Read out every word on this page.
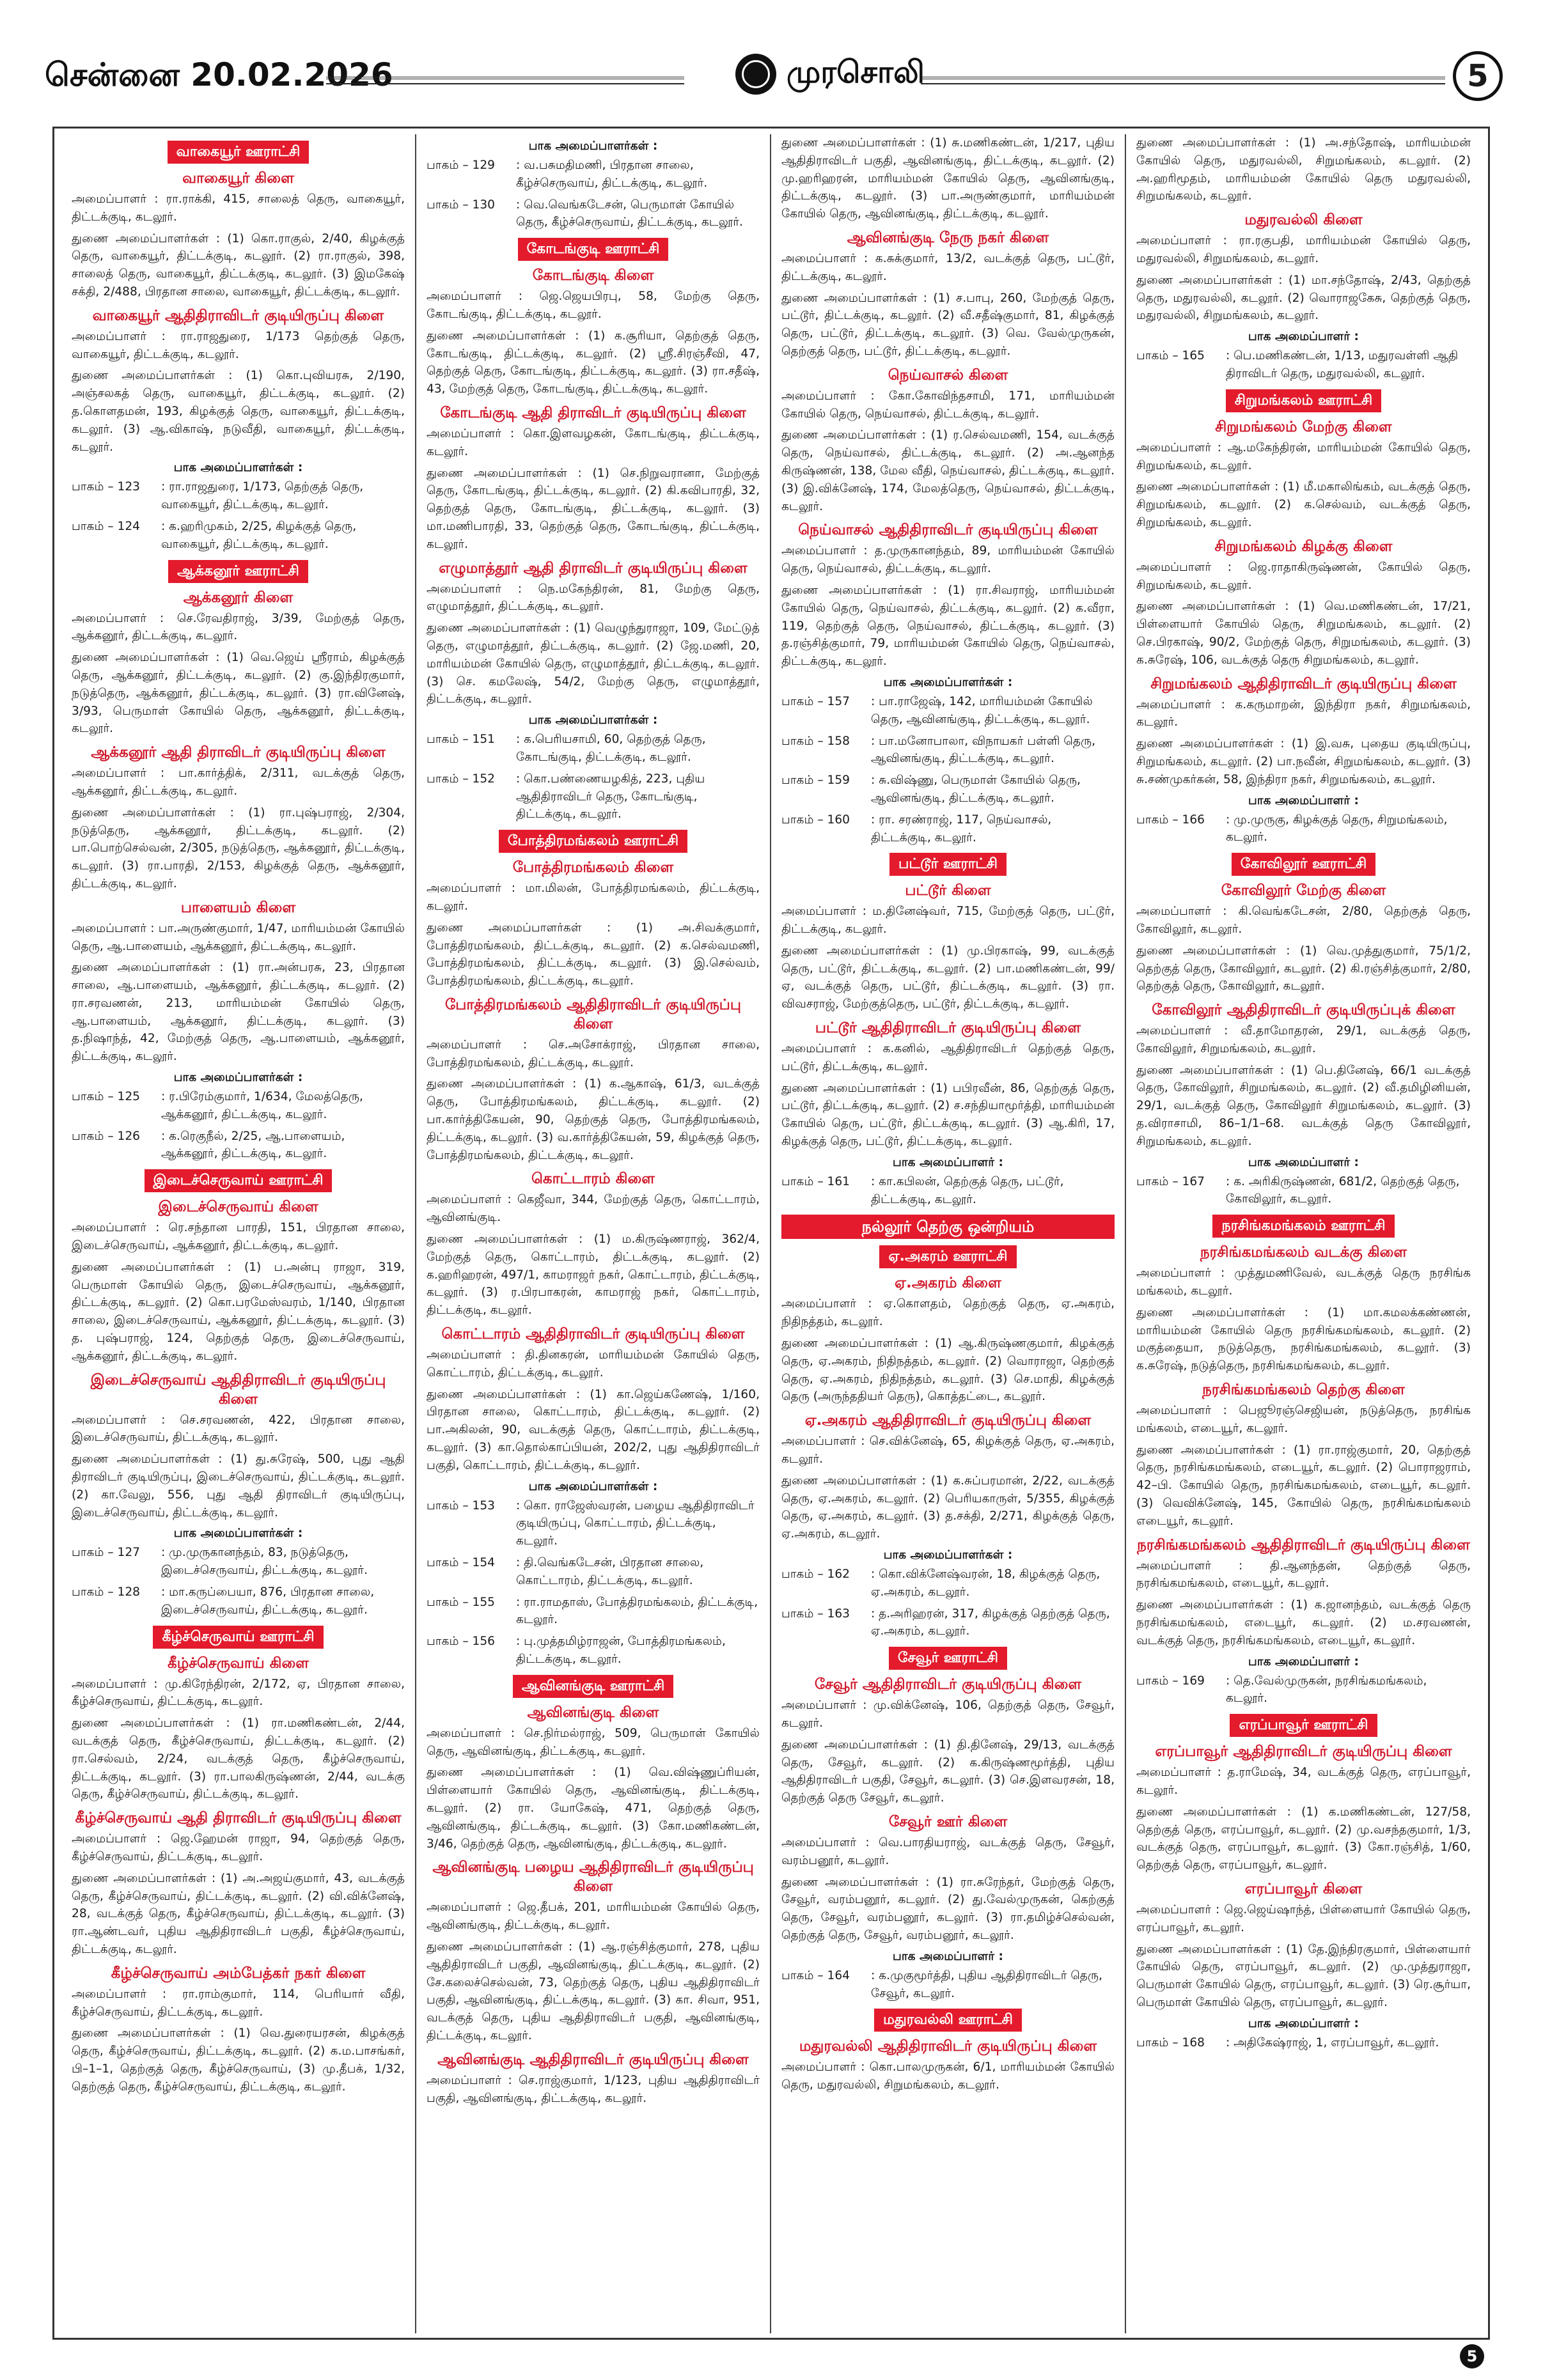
சென்னை 20.02.2026	முரசொலி	5
வாகையூர் ஊராட்சி
வாகையூர் கிளை

அமைப்பாளர் : ரா.ராக்கி, 415, சாலைத் தெரு, வாகையூர், திட்டக்குடி, கடலூர்.

துணை அமைப்பாளர்கள் : (1) கொ.ராகுல், 2/40, கிழக்குத் தெரு, வாகையூர், திட்டக்குடி, கடலூர். (2) ரா.ராகுல், 398, சாலைத் தெரு, வாகையூர், திட்டக்குடி, கடலூர். (3) இமகேஷ் சக்தி, 2/488, பிரதான சாலை, வாகையூர், திட்டக்குடி, கடலூர்.

வாகையூர் ஆதிதிராவிடர் குடியிருப்பு கிளை

அமைப்பாளர் : ரா.ராஜதுரை, 1/173 தெற்குத் தெரு, வாகையூர், திட்டக்குடி, கடலூர்.

துணை அமைப்பாளர்கள் : (1) கொ.புவியரசு, 2/190, அஞ்சலகத் தெரு, வாகையூர், திட்டக்குடி, கடலூர். (2) த.கொளதமன், 193, கிழக்குத் தெரு, வாகையூர், திட்டக்குடி, கடலூர். (3) ஆ.விகாஷ், நடுவீதி, வாகையூர், திட்டக்குடி, கடலூர்.

பாக அமைப்பாளர்கள் :
பாகம் – 123	: ரா.ராஜதுரை, 1/173, தெற்குத் தெரு, வாகையூர், திட்டக்குடி, கடலூர்.
பாகம் – 124	: க.ஹரிமுகம், 2/25, கிழக்குத் தெரு, வாகையூர், திட்டக்குடி, கடலூர்.
ஆக்கனூர் ஊராட்சி
ஆக்கனூர் கிளை

அமைப்பாளர் : செ.ரேவதிராஜ், 3/39, மேற்குத் தெரு, ஆக்கனூர், திட்டக்குடி, கடலூர்.

துணை அமைப்பாளர்கள் : (1) வெ.ஜெய் ஸ்ரீராம், கிழக்குத் தெரு, ஆக்கனூர், திட்டக்குடி, கடலூர். (2) கு.இந்திரகுமார், நடுத்தெரு, ஆக்கனூர், திட்டக்குடி, கடலூர். (3) ரா.வினேஷ், 3/93, பெருமாள் கோயில் தெரு, ஆக்கனூர், திட்டக்குடி, கடலூர்.

ஆக்கனூர் ஆதி திராவிடர் குடியிருப்பு கிளை

அமைப்பாளர் : பா.கார்த்திக், 2/311, வடக்குத் தெரு, ஆக்கனூர், திட்டக்குடி, கடலூர்.

துணை அமைப்பாளர்கள் : (1) ரா.புஷ்பராஜ், 2/304, நடுத்தெரு, ஆக்கனூர், திட்டக்குடி, கடலூர். (2) பா.பொற்செல்வன், 2/305, நடுத்தெரு, ஆக்கனூர், திட்டக்குடி, கடலூர். (3) ரா.பாரதி, 2/153, கிழக்குத் தெரு, ஆக்கனூர், திட்டக்குடி, கடலூர்.

பாளையம் கிளை

அமைப்பாளர் : பா.அருண்குமார், 1/47, மாரியம்மன் கோயில் தெரு, ஆ.பாளையம், ஆக்கனூர், திட்டக்குடி, கடலூர்.

துணை அமைப்பாளர்கள் : (1) ரா.அன்பரசு, 23, பிரதான சாலை, ஆ.பாளையம், ஆக்கனூர், திட்டக்குடி, கடலூர். (2) ரா.சரவணன், 213, மாரியம்மன் கோயில் தெரு, ஆ.பாளையம், ஆக்கனூர், திட்டக்குடி, கடலூர். (3) த.நிஷாந்த், 42, மேற்குத் தெரு, ஆ.பாளையம், ஆக்கனூர், திட்டக்குடி, கடலூர்.

பாக அமைப்பாளர்கள் :
பாகம் – 125	: ர.பிரேம்குமார், 1/634, மேலத்தெரு, ஆக்கனூர், திட்டக்குடி, கடலூர்.
பாகம் – 126	: க.ரெகுநீல், 2/25, ஆ.பாளையம், ஆக்கனூர், திட்டக்குடி, கடலூர்.
இடைச்செருவாய் ஊராட்சி
இடைச்செருவாய் கிளை

அமைப்பாளர் : ரெ.சந்தான பாரதி, 151, பிரதான சாலை, இடைச்செருவாய், ஆக்கனூர், திட்டக்குடி, கடலூர்.

துணை அமைப்பாளர்கள் : (1) ப.அன்பு ராஜா, 319, பெருமாள் கோயில் தெரு, இடைச்செருவாய், ஆக்கனூர், திட்டக்குடி, கடலூர். (2) கொ.பரமேஸ்வரம், 1/140, பிரதான சாலை, இடைச்செருவாய், ஆக்கனூர், திட்டக்குடி, கடலூர். (3) த. புஷ்பராஜ், 124, தெற்குத் தெரு, இடைச்செருவாய், ஆக்கனூர், திட்டக்குடி, கடலூர்.

இடைச்செருவாய் ஆதிதிராவிடர் குடியிருப்பு கிளை

அமைப்பாளர் : செ.சரவணன், 422, பிரதான சாலை, இடைச்செருவாய், திட்டக்குடி, கடலூர்.

துணை அமைப்பாளர்கள் : (1) து.சுரேஷ், 500, புது ஆதி திராவிடர் குடியிருப்பு, இடைச்செருவாய், திட்டக்குடி, கடலூர். (2) கா.வேலு, 556, புது ஆதி திராவிடர் குடியிருப்பு, இடைச்செருவாய், திட்டக்குடி, கடலூர்.

பாக அமைப்பாளர்கள் :
பாகம் – 127	: மு.முருகானந்தம், 83, நடுத்தெரு, இடைச்செருவாய், திட்டக்குடி, கடலூர்.
பாகம் – 128	: மா.கருப்பையா, 876, பிரதான சாலை, இடைச்செருவாய், திட்டக்குடி, கடலூர்.
கீழ்ச்செருவாய் ஊராட்சி
கீழ்ச்செருவாய் கிளை

அமைப்பாளர் : மு.கிரேந்திரன், 2/172, ஏ, பிரதான சாலை, கீழ்ச்செருவாய், திட்டக்குடி, கடலூர்.

துணை அமைப்பாளர்கள் : (1) ரா.மணிகண்டன், 2/44, வடக்குத் தெரு, கீழ்ச்செருவாய், திட்டக்குடி, கடலூர். (2) ரா.செல்வம், 2/24, வடக்குத் தெரு, கீழ்ச்செருவாய், திட்டக்குடி, கடலூர். (3) ரா.பாலகிருஷ்ணன், 2/44, வடக்கு தெரு, கீழ்ச்செருவாய், திட்டக்குடி, கடலூர்.

கீழ்ச்செருவாய் ஆதி திராவிடர் குடியிருப்பு கிளை

அமைப்பாளர் : ஜெ.ஹேமன் ராஜா, 94, தெற்குத் தெரு, கீழ்ச்செருவாய், திட்டக்குடி, கடலூர்.

துணை அமைப்பாளர்கள் : (1) அ.அஜய்குமார், 43, வடக்குத் தெரு, கீழ்ச்செருவாய், திட்டக்குடி, கடலூர். (2) வி.விக்னேஷ், 28, வடக்குத் தெரு, கீழ்ச்செருவாய், திட்டக்குடி, கடலூர். (3) ரா.ஆண்டவர், புதிய ஆதிதிராவிடர் பகுதி, கீழ்ச்செருவாய், திட்டக்குடி, கடலூர்.

கீழ்ச்செருவாய் அம்பேத்கர் நகர் கிளை

அமைப்பாளர் : ரா.ராம்குமார், 114, பெரியார் வீதி, கீழ்ச்செருவாய், திட்டக்குடி, கடலூர்.

துணை அமைப்பாளர்கள் : (1) வெ.துரையரசன், கிழக்குத் தெரு, கீழ்ச்செருவாய், திட்டக்குடி, கடலூர். (2) க.ம.பாசங்கர், பி–1–1, தெற்குத் தெரு, கீழ்ச்செருவாய், (3) மு.தீபக், 1/32, தெற்குத் தெரு, கீழ்ச்செருவாய், திட்டக்குடி, கடலூர்.

பாக அமைப்பாளர்கள் :
பாகம் – 129	: வ.பசுமதிமணி, பிரதான சாலை, கீழ்ச்செருவாய், திட்டக்குடி, கடலூர்.
பாகம் – 130	: வெ.வெங்கடேசன், பெருமாள் கோயில் தெரு, கீழ்ச்செருவாய், திட்டக்குடி, கடலூர்.
கோடங்குடி ஊராட்சி
கோடங்குடி கிளை

அமைப்பாளர் : ஜெ.ஜெயபிரபு, 58, மேற்கு தெரு, கோடங்குடி, திட்டக்குடி, கடலூர்.

துணை அமைப்பாளர்கள் : (1) க.சூரியா, தெற்குத் தெரு, கோடங்குடி, திட்டக்குடி, கடலூர். (2) ஸ்ரீ.சிரஞ்சீவி, 47, தெற்குத் தெரு, கோடங்குடி, திட்டக்குடி, கடலூர். (3) ரா.சதீஷ், 43, மேற்குத் தெரு, கோடங்குடி, திட்டக்குடி, கடலூர்.

கோடங்குடி ஆதி திராவிடர் குடியிருப்பு கிளை

அமைப்பாளர் : கொ.இளவழகன், கோடங்குடி, திட்டக்குடி, கடலூர்.

துணை அமைப்பாளர்கள் : (1) செ.நிறுவரானா, மேற்குத் தெரு, கோடங்குடி, திட்டக்குடி, கடலூர். (2) கி.கவிபாரதி, 32, தெற்குத் தெரு, கோடங்குடி, திட்டக்குடி, கடலூர். (3) மா.மணிபாரதி, 33, தெற்குத் தெரு, கோடங்குடி, திட்டக்குடி, கடலூர்.

எழுமாத்தூர் ஆதி திராவிடர் குடியிருப்பு கிளை

அமைப்பாளர் : நெ.மகேந்திரன், 81, மேற்கு தெரு, எழுமாத்தூர், திட்டக்குடி, கடலூர்.

துணை அமைப்பாளர்கள் : (1) வெழுந்துராஜா, 109, மேட்டுத் தெரு, எழுமாத்தூர், திட்டக்குடி, கடலூர். (2) ஜே.மணி, 20, மாரியம்மன் கோயில் தெரு, எழுமாத்தூர், திட்டக்குடி, கடலூர். (3) செ. கமலேஷ், 54/2, மேற்கு தெரு, எழுமாத்தூர், திட்டக்குடி, கடலூர்.

பாக அமைப்பாளர்கள் :
பாகம் – 151	: க.பெரியசாமி, 60, தெற்குத் தெரு, கோடங்குடி, திட்டக்குடி, கடலூர்.
பாகம் – 152	: கொ.பண்ணையழகித், 223, புதிய ஆதிதிராவிடர் தெரு, கோடங்குடி, திட்டக்குடி, கடலூர்.
போத்திரமங்கலம் ஊராட்சி
போத்திரமங்கலம் கிளை

அமைப்பாளர் : மா.மிலன், போத்திரமங்கலம், திட்டக்குடி, கடலூர்.

துணை அமைப்பாளர்கள் : (1) அ.சிவக்குமார், போத்திரமங்கலம், திட்டக்குடி, கடலூர். (2) க.செல்வமணி, போத்திரமங்கலம், திட்டக்குடி, கடலூர். (3) இ.செல்வம், போத்திரமங்கலம், திட்டக்குடி, கடலூர்.

போத்திரமங்கலம் ஆதிதிராவிடர் குடியிருப்பு கிளை

அமைப்பாளர் : செ.அசோக்ராஜ், பிரதான சாலை, போத்திரமங்கலம், திட்டக்குடி, கடலூர்.

துணை அமைப்பாளர்கள் : (1) க.ஆகாஷ், 61/3, வடக்குத் தெரு, போத்திரமங்கலம், திட்டக்குடி, கடலூர். (2) பா.கார்த்திகேயன், 90, தெற்குத் தெரு, போத்திரமங்கலம், திட்டக்குடி, கடலூர். (3) வ.கார்த்திகேயன், 59, கிழக்குத் தெரு, போத்திரமங்கலம், திட்டக்குடி, கடலூர்.

கொட்டாரம் கிளை

அமைப்பாளர் : கெஜீவா, 344, மேற்குத் தெரு, கொட்டாரம், ஆவினங்குடி.

துணை அமைப்பாளர்கள் : (1) ம.கிருஷ்ணராஜ், 362/4, மேற்குத் தெரு, கொட்டாரம், திட்டக்குடி, கடலூர். (2) க.ஹரிஹரன், 497/1, காமராஜர் நகர், கொட்டாரம், திட்டக்குடி, கடலூர். (3) ர.பிரபாகரன், காமராஜ் நகர், கொட்டாரம், திட்டக்குடி, கடலூர்.

கொட்டாரம் ஆதிதிராவிடர் குடியிருப்பு கிளை

அமைப்பாளர் : தி.தினகரன், மாரியம்மன் கோயில் தெரு, கொட்டாரம், திட்டக்குடி, கடலூர்.

துணை அமைப்பாளர்கள் : (1) கா.ஜெய்கணேஷ், 1/160, பிரதான சாலை, கொட்டாரம், திட்டக்குடி, கடலூர். (2) பா.அகிலன், 90, வடக்குத் தெரு, கொட்டாரம், திட்டக்குடி, கடலூர். (3) கா.தொல்காப்பியன், 202/2, புது ஆதிதிராவிடர் பகுதி, கொட்டாரம், திட்டக்குடி, கடலூர்.

பாக அமைப்பாளர்கள் :
பாகம் – 153	: கொ. ராஜேஸ்வரன், பழைய ஆதிதிராவிடர் குடியிருப்பு, கொட்டாரம், திட்டக்குடி, கடலூர்.
பாகம் – 154	: தி.வெங்கடேசன், பிரதான சாலை, கொட்டாரம், திட்டக்குடி, கடலூர்.
பாகம் – 155	: ரா.ராமதாஸ், போத்திரமங்கலம், திட்டக்குடி, கடலூர்.
பாகம் – 156	: பு.முத்தமிழ்ராஜன், போத்திரமங்கலம், திட்டக்குடி, கடலூர்.
ஆவினங்குடி ஊராட்சி
ஆவினங்குடி கிளை

அமைப்பாளர் : செ.நிர்மல்ராஜ், 509, பெருமாள் கோயில் தெரு, ஆவினங்குடி, திட்டக்குடி, கடலூர்.

துணை அமைப்பாளர்கள் : (1) வெ.விஷ்ணுப்ரியன், பிள்ளையார் கோயில் தெரு, ஆவினங்குடி, திட்டக்குடி, கடலூர். (2) ரா. யோகேஷ், 471, தெற்குத் தெரு, ஆவினங்குடி, திட்டக்குடி, கடலூர். (3) கோ.மணிகண்டன், 3/46, தெற்குத் தெரு, ஆவினங்குடி, திட்டக்குடி, கடலூர்.

ஆவினங்குடி பழைய ஆதிதிராவிடர் குடியிருப்பு கிளை

அமைப்பாளர் : ஜெ.தீபக், 201, மாரியம்மன் கோயில் தெரு, ஆவினங்குடி, திட்டக்குடி, கடலூர்.

துணை அமைப்பாளர்கள் : (1) ஆ.ரஞ்சித்குமார், 278, புதிய ஆதிதிராவிடர் பகுதி, ஆவினங்குடி, திட்டக்குடி, கடலூர். (2) சே.கலைச்செல்வன், 73, தெற்குத் தெரு, புதிய ஆதிதிராவிடர் பகுதி, ஆவினங்குடி, திட்டக்குடி, கடலூர். (3) கா. சிவா, 951, வடக்குத் தெரு, புதிய ஆதிதிராவிடர் பகுதி, ஆவினங்குடி, திட்டக்குடி, கடலூர்.

ஆவினங்குடி ஆதிதிராவிடர் குடியிருப்பு கிளை

அமைப்பாளர் : செ.ராஜ்குமார், 1/123, புதிய ஆதிதிராவிடர் பகுதி, ஆவினங்குடி, திட்டக்குடி, கடலூர்.

துணை அமைப்பாளர்கள் : (1) சு.மணிகண்டன், 1/217, புதிய ஆதிதிராவிடர் பகுதி, ஆவினங்குடி, திட்டக்குடி, கடலூர். (2) மு.ஹரிஹரன், மாரியம்மன் கோயில் தெரு, ஆவினங்குடி, திட்டக்குடி, கடலூர். (3) பா.அருண்குமார், மாரியம்மன் கோயில் தெரு, ஆவினங்குடி, திட்டக்குடி, கடலூர்.

ஆவினங்குடி நேரு நகர் கிளை

அமைப்பாளர் : க.சுக்குமார், 13/2, வடக்குத் தெரு, பட்டூர், திட்டக்குடி, கடலூர்.

துணை அமைப்பாளர்கள் : (1) ச.பாபு, 260, மேற்குத் தெரு, பட்டூர், திட்டக்குடி, கடலூர். (2) வீ.சதீஷ்குமார், 81, கிழக்குத் தெரு, பட்டூர், திட்டக்குடி, கடலூர். (3) வெ. வேல்முருகன், தெற்குத் தெரு, பட்டூர், திட்டக்குடி, கடலூர்.

நெய்வாசல் கிளை

அமைப்பாளர் : கோ.கோவிந்தசாமி, 171, மாரியம்மன் கோயில் தெரு, நெய்வாசல், திட்டக்குடி, கடலூர்.

துணை அமைப்பாளர்கள் : (1) ர.செல்வமணி, 154, வடக்குத் தெரு, நெய்வாசல், திட்டக்குடி, கடலூர். (2) அ.ஆனந்த கிருஷ்ணன், 138, மேல வீதி, நெய்வாசல், திட்டக்குடி, கடலூர். (3) இ.விக்னேஷ், 174, மேலத்தெரு, நெய்வாசல், திட்டக்குடி, கடலூர்.

நெய்வாசல் ஆதிதிராவிடர் குடியிருப்பு கிளை

அமைப்பாளர் : த.முருகானந்தம், 89, மாரியம்மன் கோயில் தெரு, நெய்வாசல், திட்டக்குடி, கடலூர்.

துணை அமைப்பாளர்கள் : (1) ரா.சிவராஜ், மாரியம்மன் கோயில் தெரு, நெய்வாசல், திட்டக்குடி, கடலூர். (2) க.வீரா, 119, தெற்குத் தெரு, நெய்வாசல், திட்டக்குடி, கடலூர். (3) த.ரஞ்சித்குமார், 79, மாரியம்மன் கோயில் தெரு, நெய்வாசல், திட்டக்குடி, கடலூர்.

பாக அமைப்பாளர்கள் :
பாகம் – 157	: பா.ராஜேஷ், 142, மாரியம்மன் கோயில் தெரு, ஆவினங்குடி, திட்டக்குடி, கடலூர்.
பாகம் – 158	: பா.மனோபாலா, விநாயகர் பள்ளி தெரு, ஆவினங்குடி, திட்டக்குடி, கடலூர்.
பாகம் – 159	: சு.விஷ்ணு, பெருமாள் கோயில் தெரு, ஆவினங்குடி, திட்டக்குடி, கடலூர்.
பாகம் – 160	: ரா. சரண்ராஜ், 117, நெய்வாசல், திட்டக்குடி, கடலூர்.
பட்டூர் ஊராட்சி
பட்டூர் கிளை

அமைப்பாளர் : ம.தினேஷ்வர், 715, மேற்குத் தெரு, பட்டூர், திட்டக்குடி, கடலூர்.

துணை அமைப்பாளர்கள் : (1) மு.பிரகாஷ், 99, வடக்குத் தெரு, பட்டூர், திட்டக்குடி, கடலூர். (2) பா.மணிகண்டன், 99/ஏ, வடக்குத் தெரு, பட்டூர், திட்டக்குடி, கடலூர். (3) ரா. விவசராஜ், மேற்குத்தெரு, பட்டூர், திட்டக்குடி, கடலூர்.

பட்டூர் ஆதிதிராவிடர் குடியிருப்பு கிளை

அமைப்பாளர் : க.கனில், ஆதிதிராவிடர் தெற்குத் தெரு, பட்டூர், திட்டக்குடி, கடலூர்.

துணை அமைப்பாளர்கள் : (1) பபிரவீன், 86, தெற்குத் தெரு, பட்டூர், திட்டக்குடி, கடலூர். (2) ச.சந்தியாமூர்த்தி, மாரியம்மன் கோயில் தெரு, பட்டூர், திட்டக்குடி, கடலூர். (3) ஆ.கிரி, 17, கிழக்குத் தெரு, பட்டூர், திட்டக்குடி, கடலூர்.

பாக அமைப்பாளர் :
பாகம் – 161	: கா.கபிலன், தெற்குத் தெரு, பட்டூர், திட்டக்குடி, கடலூர்.
நல்லூர் தெற்கு ஒன்றியம்
ஏ.அகரம் ஊராட்சி
ஏ.அகரம் கிளை

அமைப்பாளர் : ஏ.கொளதம், தெற்குத் தெரு, ஏ.அகரம், நிதிநத்தம், கடலூர்.

துணை அமைப்பாளர்கள் : (1) ஆ.கிருஷ்ணகுமார், கிழக்குத் தெரு, ஏ.அகரம், நிதிநத்தம், கடலூர். (2) வொராஜா, தெற்குத் தெரு, ஏ.அகரம், நிதிநத்தம், கடலூர். (3) செ.மாதி, கிழக்குத் தெரு (அருந்ததியர் தெரு), கொத்தட்டை, கடலூர்.

ஏ.அகரம் ஆதிதிராவிடர் குடியிருப்பு கிளை

அமைப்பாளர் : செ.விக்னேஷ், 65, கிழக்குத் தெரு, ஏ.அகரம், கடலூர்.

துணை அமைப்பாளர்கள் : (1) க.சுப்பரமான், 2/22, வடக்குத் தெரு, ஏ.அகரம், கடலூர். (2) பெரியகாருள், 5/355, கிழக்குத் தெரு, ஏ.அகரம், கடலூர். (3) த.சக்தி, 2/271, கிழக்குத் தெரு, ஏ.அகரம், கடலூர்.

பாக அமைப்பாளர்கள் :
பாகம் – 162	: கொ.விக்னேஷ்வரன், 18, கிழக்குத் தெரு, ஏ.அகரம், கடலூர்.
பாகம் – 163	: த.அரிஹரன், 317, கிழக்குத் தெற்குத் தெரு, ஏ.அகரம், கடலூர்.
சேவூர் ஊராட்சி
சேவூர் ஆதிதிராவிடர் குடியிருப்பு கிளை

அமைப்பாளர் : மு.விக்னேஷ், 106, தெற்குத் தெரு, சேவூர், கடலூர்.

துணை அமைப்பாளர்கள் : (1) தி.தினேஷ், 29/13, வடக்குத் தெரு, சேவூர், கடலூர். (2) க.கிருஷ்ணமூர்த்தி, புதிய ஆதிதிராவிடர் பகுதி, சேவூர், கடலூர். (3) செ.இளவரசன், 18, தெற்குத் தெரு சேவூர், கடலூர்.

சேவூர் ஊர் கிளை

அமைப்பாளர் : வெ.பாரதியராஜ், வடக்குத் தெரு, சேவூர், வரம்பனூர், கடலூர்.

துணை அமைப்பாளர்கள் : (1) ரா.சுரேந்தர், மேற்குத் தெரு, சேவூர், வரம்பனூர், கடலூர். (2) து.வேல்முருகன், கெற்குத் தெரு, சேவூர், வரம்பனூர், கடலூர். (3) ரா.தமிழ்ச்செல்வன், தெற்குத் தெரு, சேவூர், வரம்பனூர், கடலூர்.

பாக அமைப்பாளர் :
பாகம் – 164	: க.முகுமூர்த்தி, புதிய ஆதிதிராவிடர் தெரு, சேவூர், கடலூர்.
மதுரவல்லி ஊராட்சி
மதுரவல்லி ஆதிதிராவிடர் குடியிருப்பு கிளை

அமைப்பாளர் : கொ.பாலமுருகன், 6/1, மாரியம்மன் கோயில் தெரு, மதுரவல்லி, சிறுமங்கலம், கடலூர்.

துணை அமைப்பாளர்கள் : (1) அ.சந்தோஷ், மாரியம்மன் கோயில் தெரு, மதுரவல்லி, சிறுமங்கலம், கடலூர். (2) அ.ஹரிமூதம், மாரியம்மன் கோயில் தெரு மதுரவல்லி, சிறுமங்கலம், கடலூர்.

மதுரவல்லி கிளை

அமைப்பாளர் : ரா.ரகுபதி, மாரியம்மன் கோயில் தெரு, மதுரவல்லி, சிறுமங்கலம், கடலூர்.

துணை அமைப்பாளர்கள் : (1) மா.சந்தோஷ், 2/43, தெற்குத் தெரு, மதுரவல்லி, கடலூர். (2) வொராஜகேசு, தெற்குத் தெரு, மதுரவல்லி, சிறுமங்கலம், கடலூர்.

பாக அமைப்பாளர் :
பாகம் – 165	: பெ.மணிகண்டன், 1/13, மதுரவள்ளி ஆதி திராவிடர் தெரு, மதுரவல்லி, கடலூர்.
சிறுமங்கலம் ஊராட்சி
சிறுமங்கலம் மேற்கு கிளை

அமைப்பாளர் : ஆ.மகேந்திரன், மாரியம்மன் கோயில் தெரு, சிறுமங்கலம், கடலூர்.

துணை அமைப்பாளர்கள் : (1) மீ.மகாலிங்கம், வடக்குத் தெரு, சிறுமங்கலம், கடலூர். (2) க.செல்வம், வடக்குத் தெரு, சிறுமங்கலம், கடலூர்.

சிறுமங்கலம் கிழக்கு கிளை

அமைப்பாளர் : ஜெ.ராதாகிருஷ்ணன், கோயில் தெரு, சிறுமங்கலம், கடலூர்.

துணை அமைப்பாளர்கள் : (1) வெ.மணிகண்டன், 17/21, பிள்ளையார் கோயில் தெரு, சிறுமங்கலம், கடலூர். (2) செ.பிரகாஷ், 90/2, மேற்குத் தெரு, சிறுமங்கலம், கடலூர். (3) க.சுரேஷ், 106, வடக்குத் தெரு சிறுமங்கலம், கடலூர்.

சிறுமங்கலம் ஆதிதிராவிடர் குடியிருப்பு கிளை

அமைப்பாளர் : க.கருமாறன், இந்திரா நகர், சிறுமங்கலம், கடலூர்.

துணை அமைப்பாளர்கள் : (1) இ.வசு, புதைய குடியிருப்பு, சிறுமங்கலம், கடலூர். (2) பா.நவீன், சிறுமங்கலம், கடலூர். (3) சு.சண்முகர்கன், 58, இந்திரா நகர், சிறுமங்கலம், கடலூர்.

பாக அமைப்பாளர் :
பாகம் – 166	: மு.முருகு, கிழக்குத் தெரு, சிறுமங்கலம், கடலூர்.
கோவிலூர் ஊராட்சி
கோவிலூர் மேற்கு கிளை

அமைப்பாளர் : கி.வெங்கடேசன், 2/80, தெற்குத் தெரு, கோவிலூர், கடலூர்.

துணை அமைப்பாளர்கள் : (1) வெ.முத்துகுமார், 75/1/2, தெற்குத் தெரு, கோவிலூர், கடலூர். (2) கி.ரஞ்சித்குமார், 2/80, தெற்குத் தெரு, கோவிலூர், கடலூர்.

கோவிலூர் ஆதிதிராவிடர் குடியிருப்புக் கிளை

அமைப்பாளர் : வீ.தாமோதரன், 29/1, வடக்குத் தெரு, கோவிலூர், சிறுமங்கலம், கடலூர்.

துணை அமைப்பாளர்கள் : (1) பெ.தினேஷ், 66/1 வடக்குத் தெரு, கோவிலூர், சிறுமங்கலம், கடலூர். (2) வீ.தமிழினியன், 29/1, வடக்குத் தெரு, கோவிலூர் சிறுமங்கலம், கடலூர். (3) த.விராசாமி, 86–1/1–68. வடக்குத் தெரு கோவிலூர், சிறுமங்கலம், கடலூர்.

பாக அமைப்பாளர் :
பாகம் – 167	: க. அரிகிருஷ்ணன், 681/2, தெற்குத் தெரு, கோவிலூர், கடலூர்.
நரசிங்கமங்கலம் ஊராட்சி
நரசிங்கமங்கலம் வடக்கு கிளை

அமைப்பாளர் : முத்துமணிவேல், வடக்குத் தெரு நரசிங்க மங்கலம், கடலூர்.

துணை அமைப்பாளர்கள் : (1) மா.கமலக்கண்ணன், மாரியம்மன் கோயில் தெரு நரசிங்கமங்கலம், கடலூர். (2) மகுத்தையா, நடுத்தெரு, நரசிங்கமங்கலம், கடலூர். (3) க.சுரேஷ், நடுத்தெரு, நரசிங்கமங்கலம், கடலூர்.

நரசிங்கமங்கலம் தெற்கு கிளை

அமைப்பாளர் : பெஜூரஞ்செஜியன், நடுத்தெரு, நரசிங்க மங்கலம், எடையூர், கடலூர்.

துணை அமைப்பாளர்கள் : (1) ரா.ராஜ்குமார், 20, தெற்குத் தெரு, நரசிங்கமங்கலம், எடையூர், கடலூர். (2) பொராஜராம், 42–பி. கோயில் தெரு, நரசிங்கமங்கலம், எடையூர், கடலூர். (3) வெவிக்னேஷ், 145, கோயில் தெரு, நரசிங்கமங்கலம் எடையூர், கடலூர்.

நரசிங்கமங்கலம் ஆதிதிராவிடர் குடியிருப்பு கிளை

அமைப்பாளர் : தி.ஆனந்தன், தெற்குத் தெரு, நரசிங்கமங்கலம், எடையூர், கடலூர்.

துணை அமைப்பாளர்கள் : (1) க.ஜானந்தம், வடக்குத் தெரு நரசிங்கமங்கலம், எடையூர், கடலூர். (2) ம.சரவணன், வடக்குத் தெரு, நரசிங்கமங்கலம், எடையூர், கடலூர்.

பாக அமைப்பாளர் :
பாகம் – 169	: தெ.வேல்முருகன், நரசிங்கமங்கலம், கடலூர்.
எரப்பாவூர் ஊராட்சி
எரப்பாவூர் ஆதிதிராவிடர் குடியிருப்பு கிளை

அமைப்பாளர் : த.ராமேஷ், 34, வடக்குத் தெரு, எரப்பாவூர், கடலூர்.

துணை அமைப்பாளர்கள் : (1) க.மணிகண்டன், 127/58, தெற்குத் தெரு, எரப்பாவூர், கடலூர். (2) மு.வசந்தகுமார், 1/3, வடக்குத் தெரு, எரப்பாவூர், கடலூர். (3) கோ.ரஞ்சித், 1/60, தெற்குத் தெரு, எரப்பாவூர், கடலூர்.

எரப்பாவூர் கிளை

அமைப்பாளர் : ஜெ.ஜெய்ஷாந்த், பிள்ளையார் கோயில் தெரு, எரப்பாவூர், கடலூர்.

துணை அமைப்பாளர்கள் : (1) தே.இந்திரகுமார், பிள்ளையார் கோயில் தெரு, எரப்பாவூர், கடலூர். (2) மு.முத்துராஜா, பெருமாள் கோயில் தெரு, எரப்பாவூர், கடலூர். (3) ரெ.சூர்யா, பெருமாள் கோயில் தெரு, எரப்பாவூர், கடலூர்.

பாக அமைப்பாளர் :
பாகம் – 168	: அதிகேஷ்ராஜ், 1, எரப்பாவூர், கடலூர்.
5
